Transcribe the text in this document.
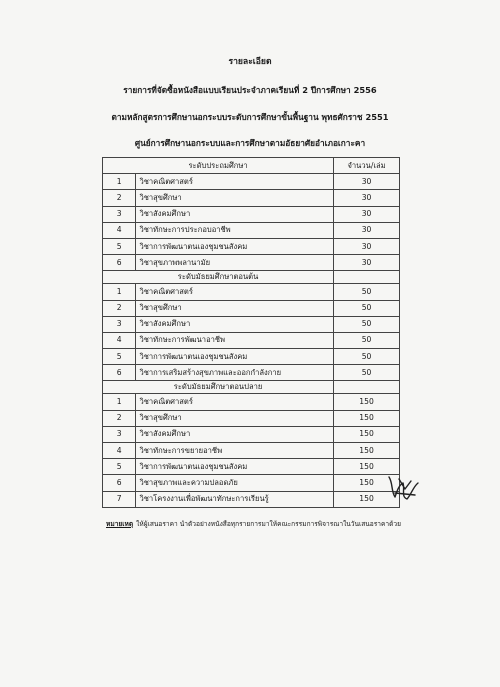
รายละเอียด
รายการที่จัดซื้อหนังสือแบบเรียนประจำภาคเรียนที่ 2 ปีการศึกษา 2556
ตามหลักสูตรการศึกษานอกระบบระดับการศึกษาขั้นพื้นฐาน พุทธศักราช 2551
ศูนย์การศึกษานอกระบบและการศึกษาตามอัธยาศัยอำเภอเกาะคา
ระดับประถมศึกษา		จำนวน/เล่ม
1	วิชาคณิตศาสตร์	30
2	วิชาสุขศึกษา	30
3	วิชาสังคมศึกษา	30
4	วิชาทักษะการประกอบอาชีพ	30
5	วิชาการพัฒนาตนเองชุมชนสังคม	30
6	วิชาสุขภาพพลานามัย	30
ระดับมัธยมศึกษาตอนต้น		
1	วิชาคณิตศาสตร์	50
2	วิชาสุขศึกษา	50
3	วิชาสังคมศึกษา	50
4	วิชาทักษะการพัฒนาอาชีพ	50
5	วิชาการพัฒนาตนเองชุมชนสังคม	50
6	วิชาการเสริมสร้างสุขภาพและออกกำลังกาย	50
ระดับมัธยมศึกษาตอนปลาย		
1	วิชาคณิตศาสตร์	150
2	วิชาสุขศึกษา	150
3	วิชาสังคมศึกษา	150
4	วิชาทักษะการขยายอาชีพ	150
5	วิชาการพัฒนาตนเองชุมชนสังคม	150
6	วิชาสุขภาพและความปลอดภัย	150
7	วิชาโครงงานเพื่อพัฒนาทักษะการเรียนรู้	150
หมายเหตุ ให้ผู้เสนอราคา นำตัวอย่างหนังสือทุกรายการมาให้คณะกรรมการพิจารณาในวันเสนอราคาด้วย
